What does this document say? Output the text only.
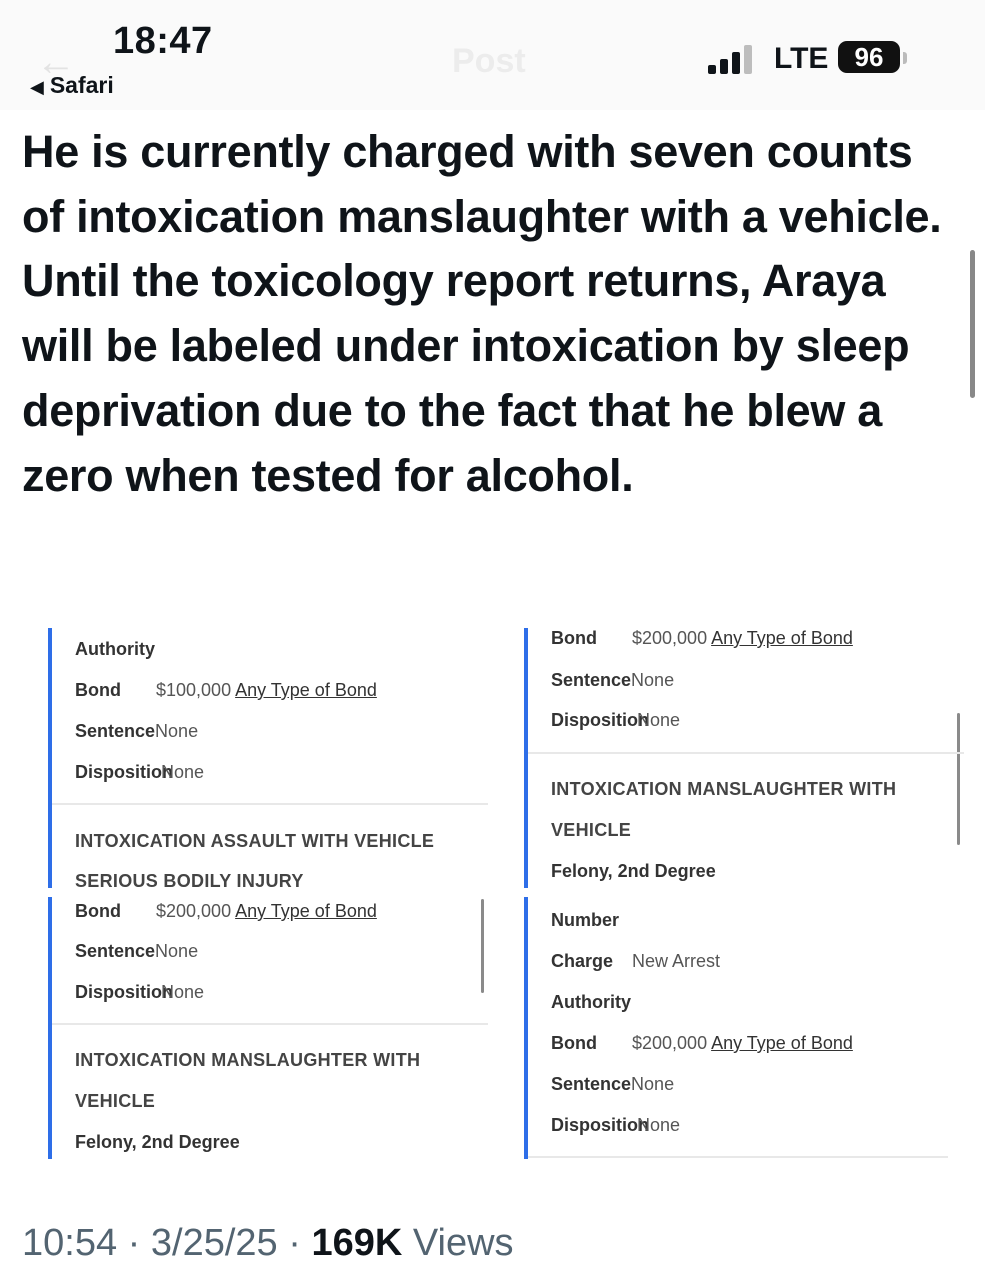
←	Post
18:47
◀ Safari
LTE	96
He is currently charged with seven counts of intoxication manslaughter with a vehicle. Until the toxicology report returns, Araya will be labeled under intoxication by sleep deprivation due to the fact that he blew a zero when tested for alcohol.
Authority
Bond $100,000 Any Type of Bond
SentenceNone
DispositionNone
INTOXICATION ASSAULT WITH VEHICLE
SERIOUS BODILY INJURY
Bond $200,000 Any Type of Bond
SentenceNone
DispositionNone
INTOXICATION MANSLAUGHTER WITH
VEHICLE
Felony, 2nd Degree
Bond $200,000 Any Type of Bond
SentenceNone
DispositionNone
INTOXICATION MANSLAUGHTER WITH
VEHICLE
Felony, 2nd Degree
Number
Charge New Arrest
Authority
Bond $200,000 Any Type of Bond
SentenceNone
DispositionNone
10:54 · 3/25/25 · 169K Views
